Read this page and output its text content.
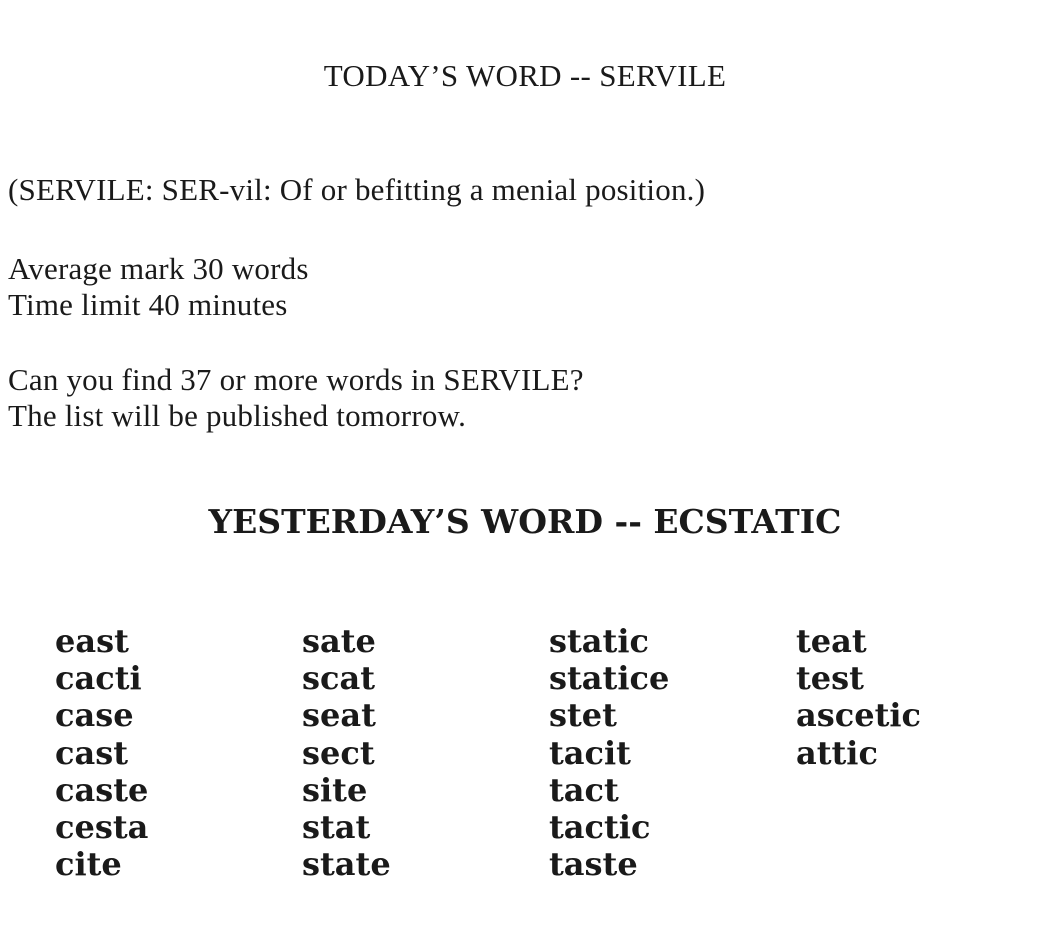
TODAY’S WORD -- SERVILE
(SERVILE: SER-vil: Of or befitting a menial position.)
Average mark 30 words
Time limit 40 minutes
Can you find 37 or more words in SERVILE?
The list will be published tomorrow.
YESTERDAY’S WORD -- ECSTATIC
east
cacti
case
cast
caste
cesta
cite
sate
scat
seat
sect
site
stat
state
static
statice
stet
tacit
tact
tactic
taste
teat
test
ascetic
attic
